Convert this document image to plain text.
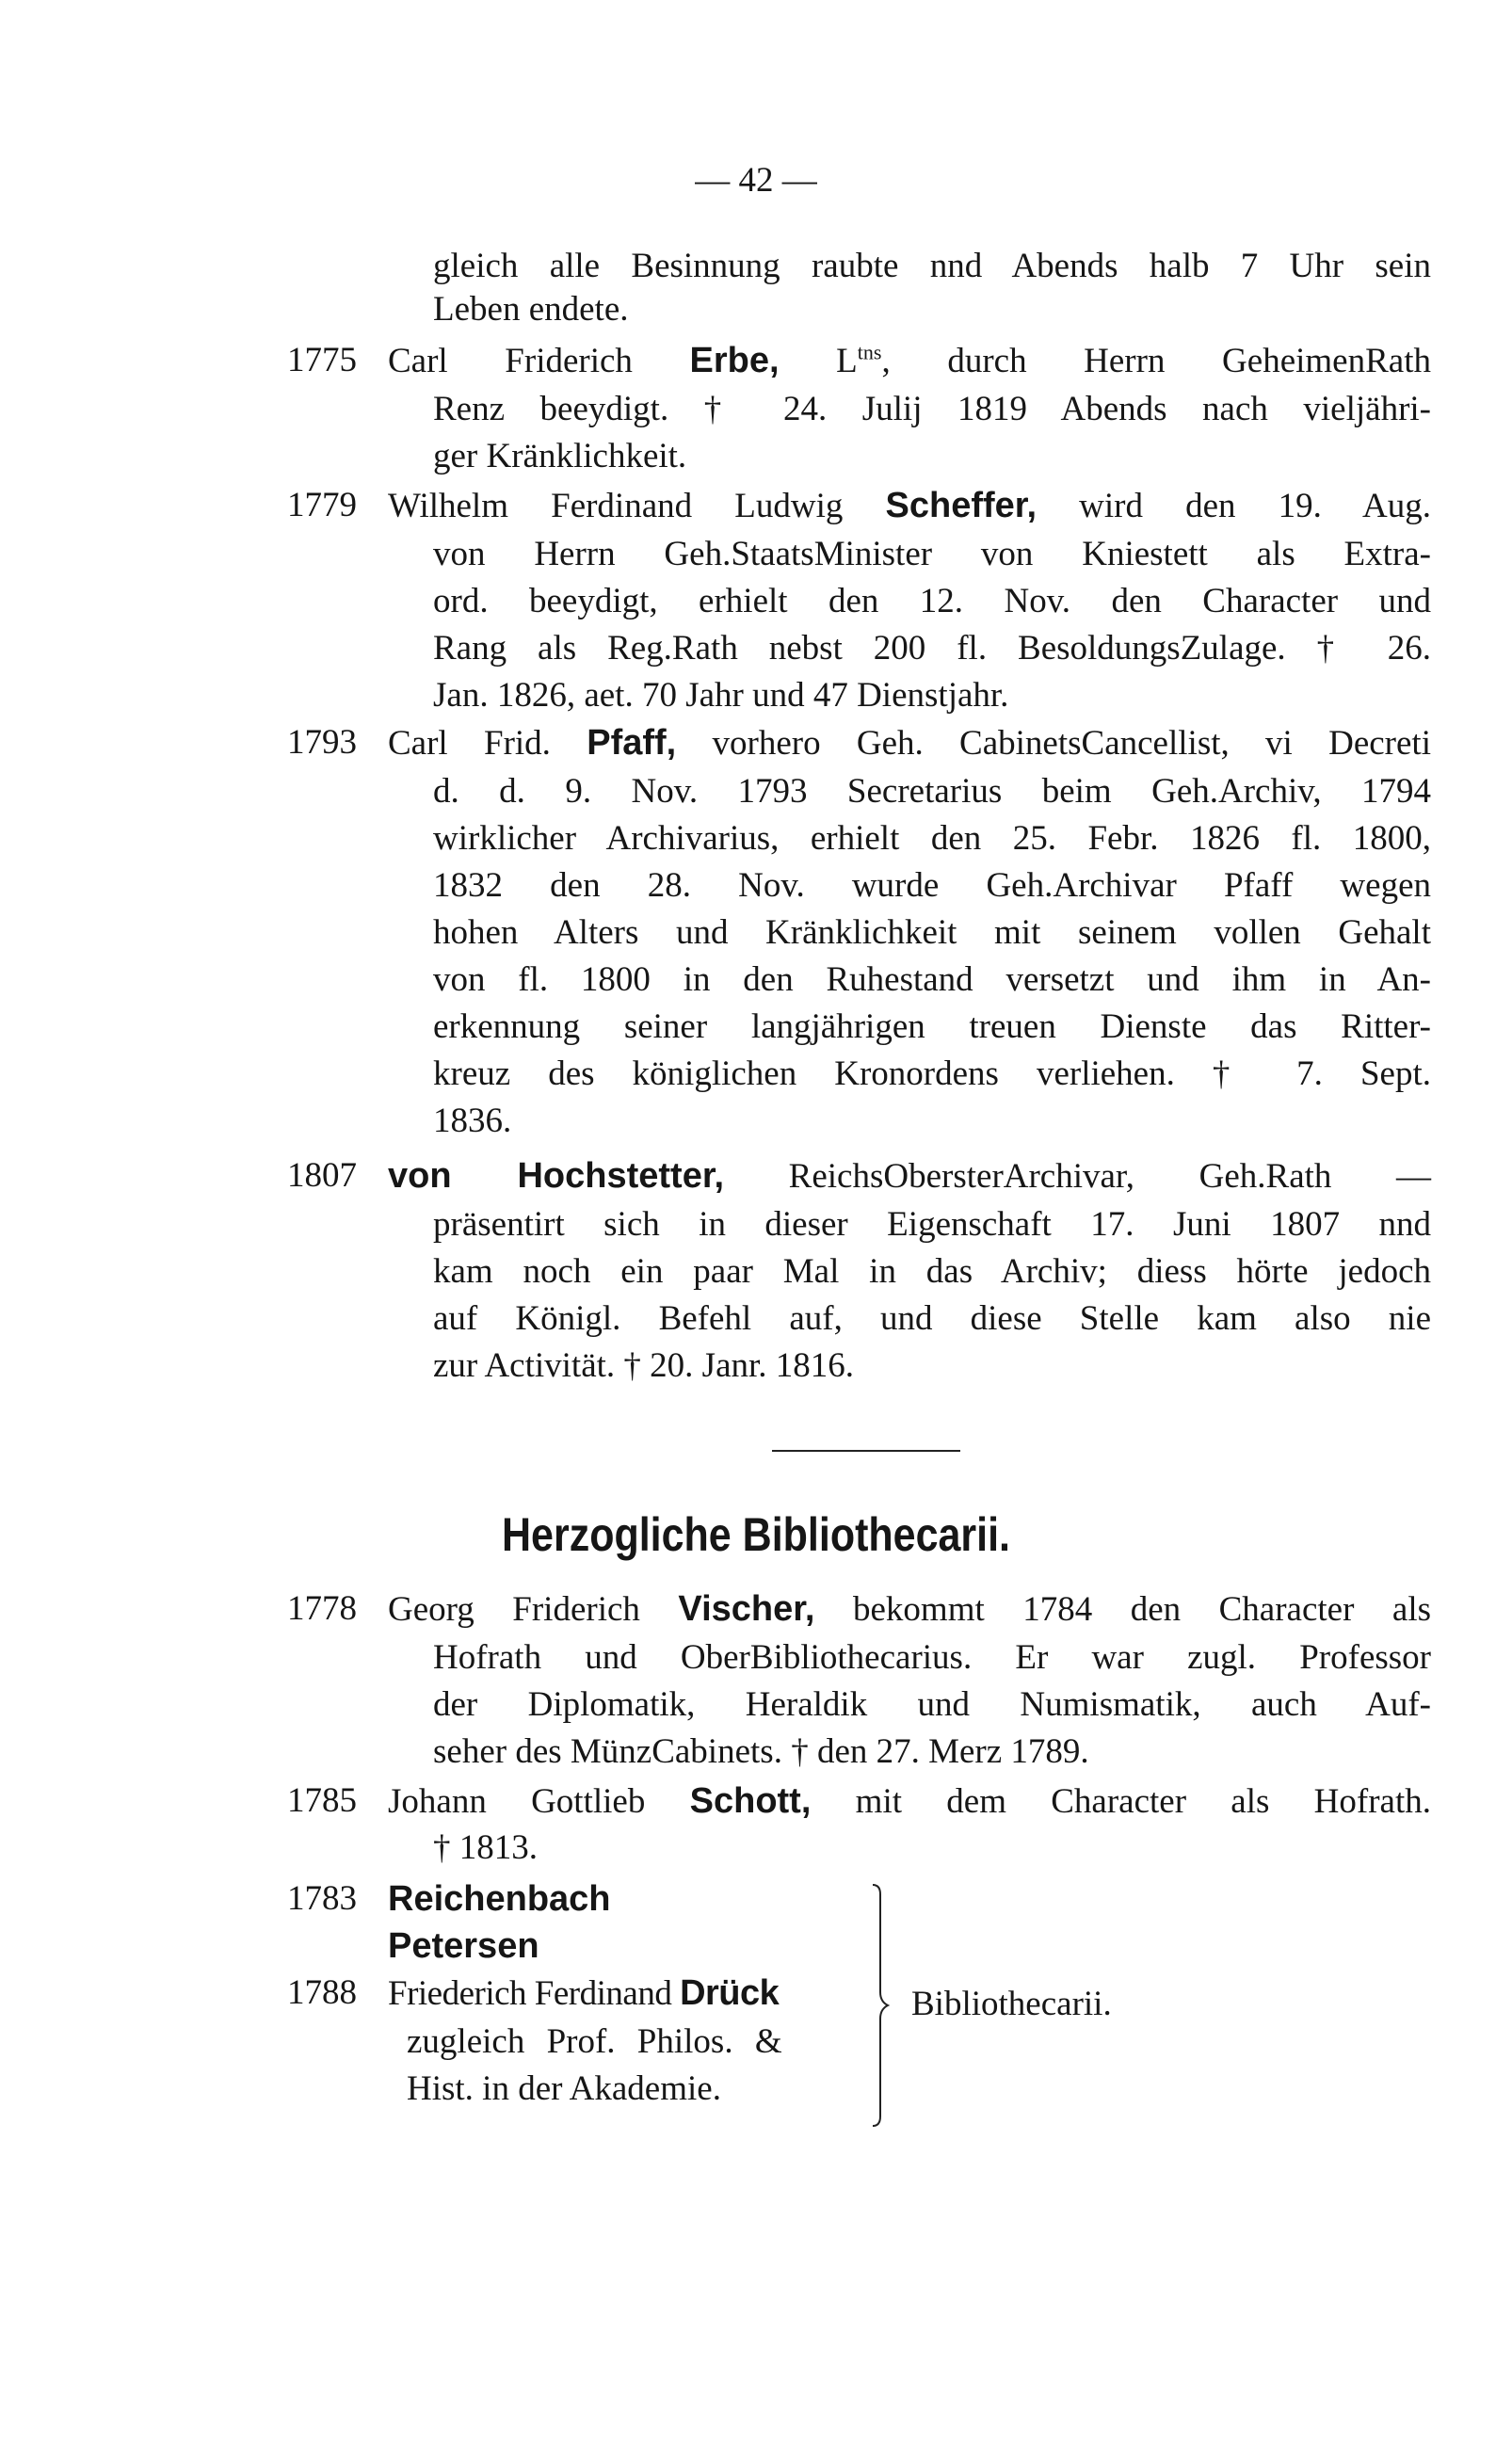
— 42 —
gleich alle Besinnung raubte nnd Abends halb 7 Uhr sein
Leben endete.
1775 Carl Friderich Erbe, $L^{tns}$, durch Herrn GeheimenRath
Renz beeydigt. † 24. Julij 1819 Abends nach vieljähri-
ger Kränklichkeit.
1779 Wilhelm Ferdinand Ludwig Scheffer, wird den 19. Aug.
von Herrn Geh.StaatsMinister von Kniestett als Extra-
ord. beeydigt, erhielt den 12. Nov. den Character und
Rang als Reg.Rath nebst 200 fl. BesoldungsZulage. † 26.
Jan. 1826, aet. 70 Jahr und 47 Dienstjahr.
1793 Carl Frid. Pfaff, vorhero Geh. CabinetsCancellist, vi Decreti
d. d. 9. Nov. 1793 Secretarius beim Geh.Archiv, 1794
wirklicher Archivarius, erhielt den 25. Febr. 1826 fl. 1800,
1832 den 28. Nov. wurde Geh.Archivar Pfaff wegen
hohen Alters und Kränklichkeit mit seinem vollen Gehalt
von fl. 1800 in den Ruhestand versetzt und ihm in An-
erkennung seiner langjährigen treuen Dienste das Ritter-
kreuz des königlichen Kronordens verliehen. † 7. Sept.
1836.
1807 von Hochstetter, ReichsObersterArchivar, Geh.Rath —
präsentirt sich in dieser Eigenschaft 17. Juni 1807 nnd
kam noch ein paar Mal in das Archiv; diess hörte jedoch
auf Königl. Befehl auf, und diese Stelle kam also nie
zur Activität. † 20. Janr. 1816.
Herzogliche Bibliothecarii.
1778 Georg Friderich Vischer, bekommt 1784 den Character als
Hofrath und OberBibliothecarius. Er war zugl. Professor
der Diplomatik, Heraldik und Numismatik, auch Auf-
seher des MünzCabinets. † den 27. Merz 1789.
1785 Johann Gottlieb Schott, mit dem Character als Hofrath.
† 1813.
1783 Reichenbach
Petersen
1788 Friederich Ferdinand Drück
zugleich Prof. Philos. &
Hist. in der Akademie.
Bibliothecarii.
